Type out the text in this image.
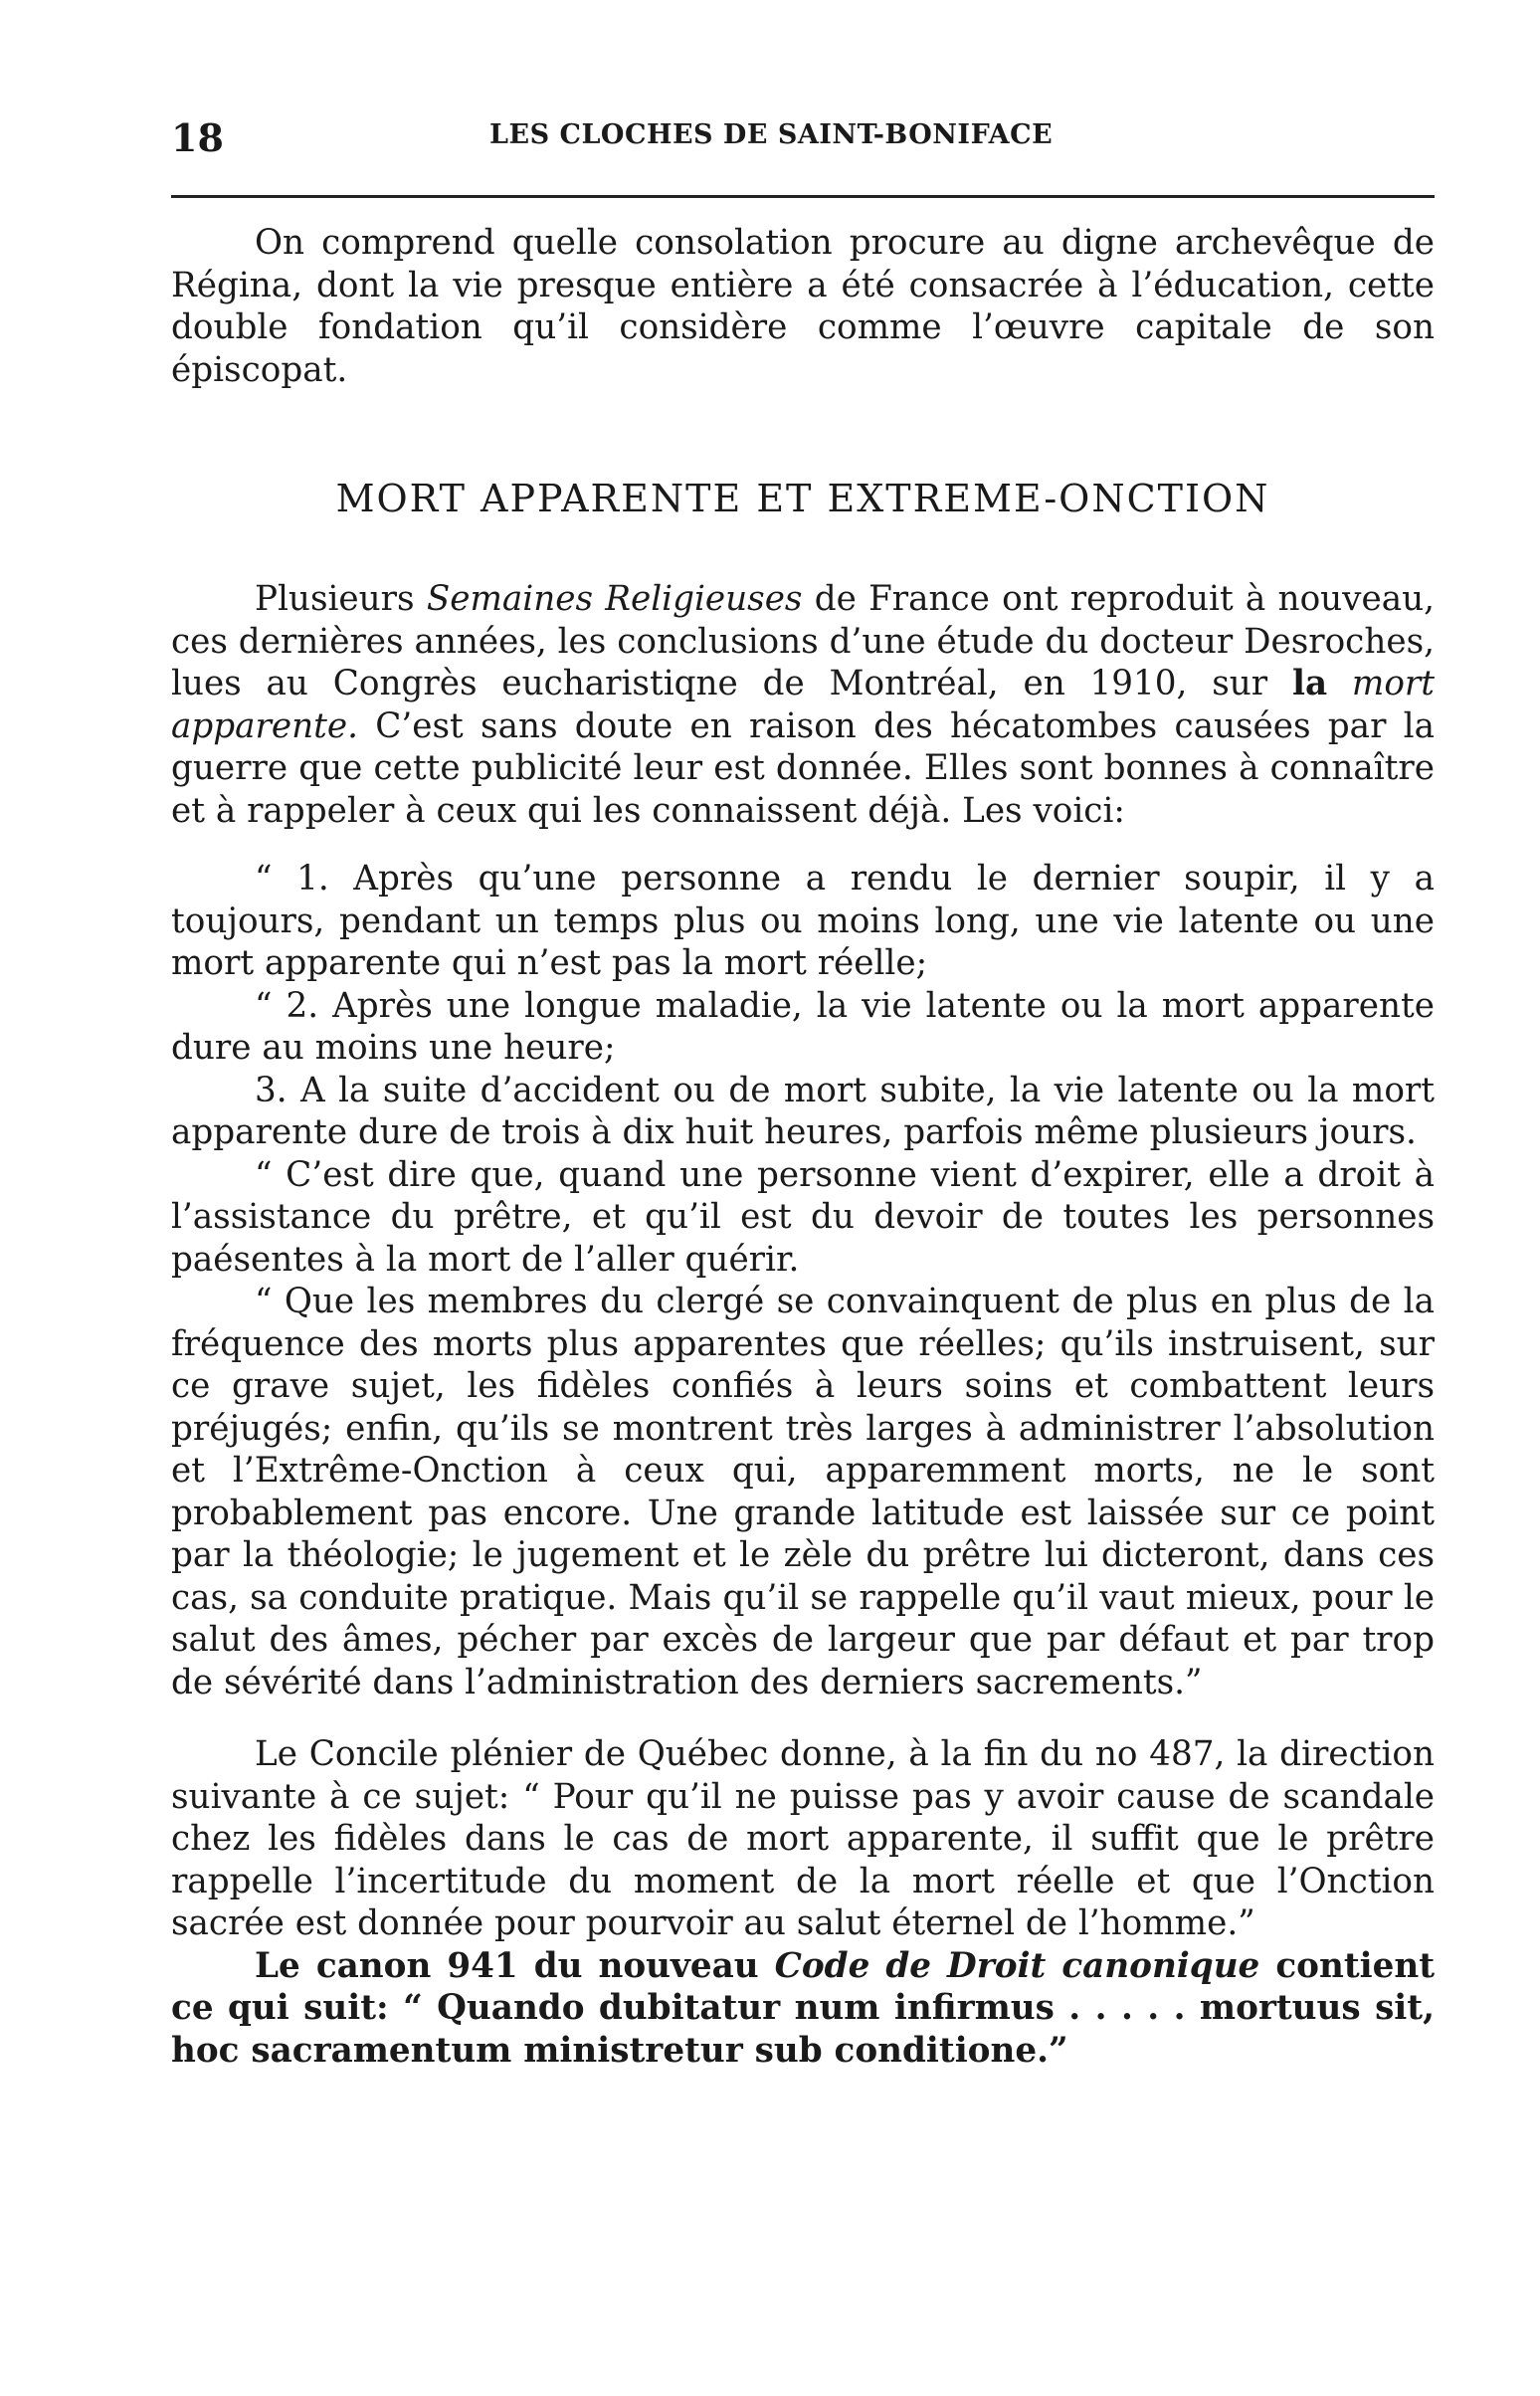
18	LES CLOCHES DE SAINT-BONIFACE

On comprend quelle consolation procure au digne archevêque de Régina, dont la vie presque entière a été consacrée à l’éducation, cette double fondation qu’il considère comme l’œuvre capitale de son épiscopat.

MORT APPARENTE ET EXTREME-ONCTION

Plusieurs Semaines Religieuses de France ont reproduit à nouveau, ces dernières années, les conclusions d’une étude du docteur Desroches, lues au Congrès eucharistiqne de Montréal, en 1910, sur la mort apparente. C’est sans doute en raison des hécatombes causées par la guerre que cette publicité leur est donnée. Elles sont bonnes à connaître et à rappeler à ceux qui les connaissent déjà. Les voici:

“ 1. Après qu’une personne a rendu le dernier soupir, il y a toujours, pendant un temps plus ou moins long, une vie latente ou une mort apparente qui n’est pas la mort réelle;

“ 2. Après une longue maladie, la vie latente ou la mort apparente dure au moins une heure;

3. A la suite d’accident ou de mort subite, la vie latente ou la mort apparente dure de trois à dix huit heures, parfois même plusieurs jours.

“ C’est dire que, quand une personne vient d’expirer, elle a droit à l’assistance du prêtre, et qu’il est du devoir de toutes les personnes paésentes à la mort de l’aller quérir.

“ Que les membres du clergé se convainquent de plus en plus de la fréquence des morts plus apparentes que réelles; qu’ils instruisent, sur ce grave sujet, les fidèles confiés à leurs soins et combattent leurs préjugés; enfin, qu’ils se montrent très larges à administrer l’absolution et l’Extrême-Onction à ceux qui, apparemment morts, ne le sont probablement pas encore. Une grande latitude est laissée sur ce point par la théologie; le jugement et le zèle du prêtre lui dicteront, dans ces cas, sa conduite pratique. Mais qu’il se rappelle qu’il vaut mieux, pour le salut des âmes, pécher par excès de largeur que par défaut et par trop de sévérité dans l’administration des derniers sacrements.”

Le Concile plénier de Québec donne, à la fin du no 487, la direction suivante à ce sujet: “ Pour qu’il ne puisse pas y avoir cause de scandale chez les fidèles dans le cas de mort apparente, il suffit que le prêtre rappelle l’incertitude du moment de la mort réelle et que l’Onction sacrée est donnée pour pourvoir au salut éternel de l’homme.”

Le canon 941 du nouveau Code de Droit canonique contient ce qui suit: “ Quando dubitatur num infirmus . . . . . mortuus sit, hoc sacramentum ministretur sub conditione.”
